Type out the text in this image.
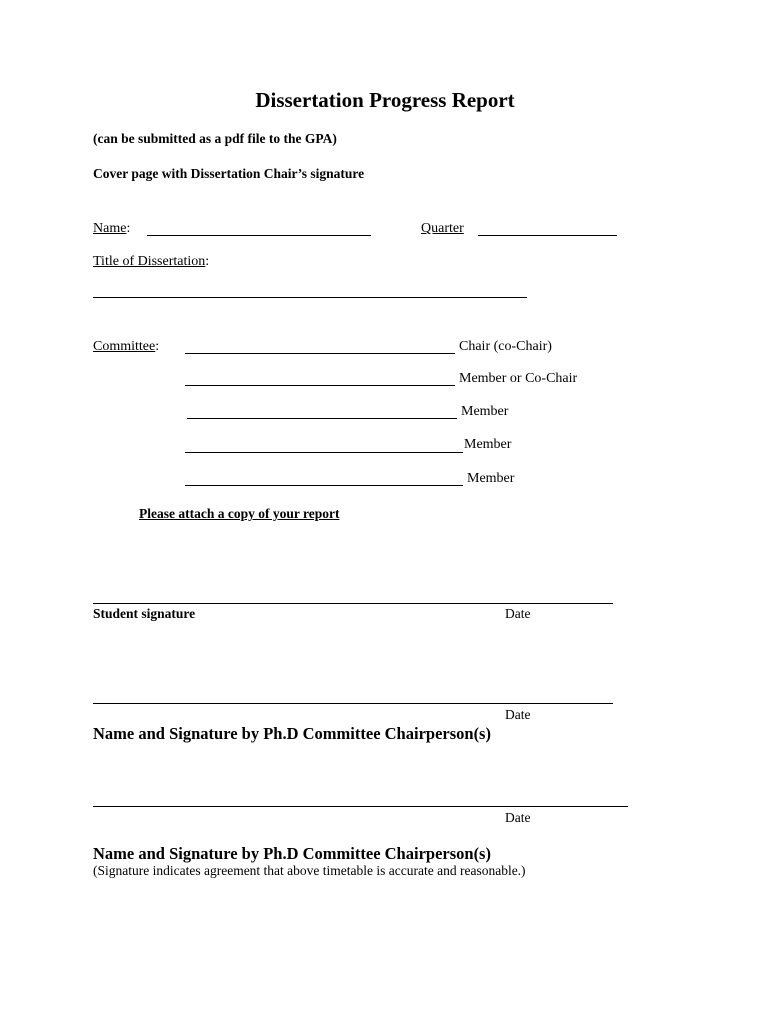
Dissertation Progress Report
(can be submitted as a pdf file to the GPA)
Cover page with Dissertation Chair’s signature
Name:	Quarter
Title of Dissertation:
Committee:	Chair (co-Chair)
Member or Co-Chair
Member
Member
Member
Please attach a copy of your report
Student signature	Date
Date
Name and Signature by Ph.D Committee Chairperson(s)
Date
Name and Signature by Ph.D Committee Chairperson(s)
(Signature indicates agreement that above timetable is accurate and reasonable.)
